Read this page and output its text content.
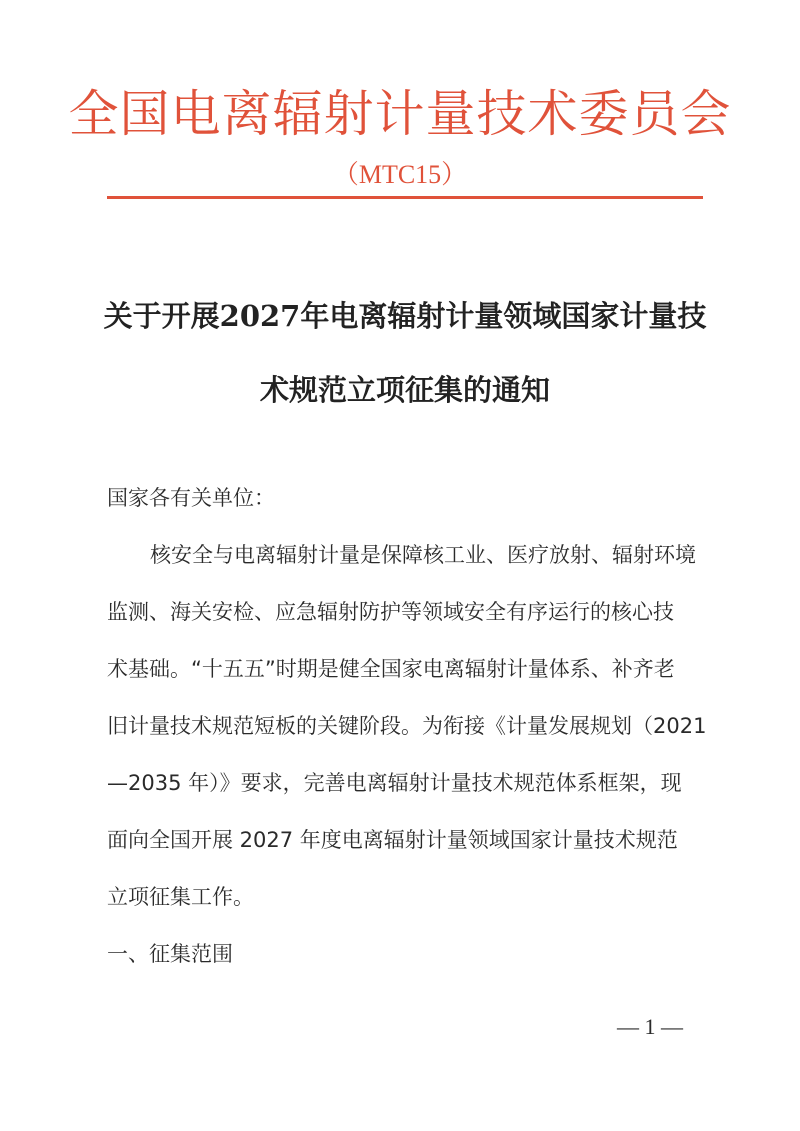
全国电离辐射计量技术委员会
（MTC15）
关于开展2027年电离辐射计量领域国家计量技
术规范立项征集的通知
国家各有关单位：
核安全与电离辐射计量是保障核工业、医疗放射、辐射环境
监测、海关安检、应急辐射防护等领域安全有序运行的核心技
术基础。“十五五”时期是健全国家电离辐射计量体系、补齐老
旧计量技术规范短板的关键阶段。为衔接《计量发展规划（2021
—2035 年）》要求，完善电离辐射计量技术规范体系框架，现
面向全国开展 2027 年度电离辐射计量领域国家计量技术规范
立项征集工作。
一、征集范围
— 1 —
